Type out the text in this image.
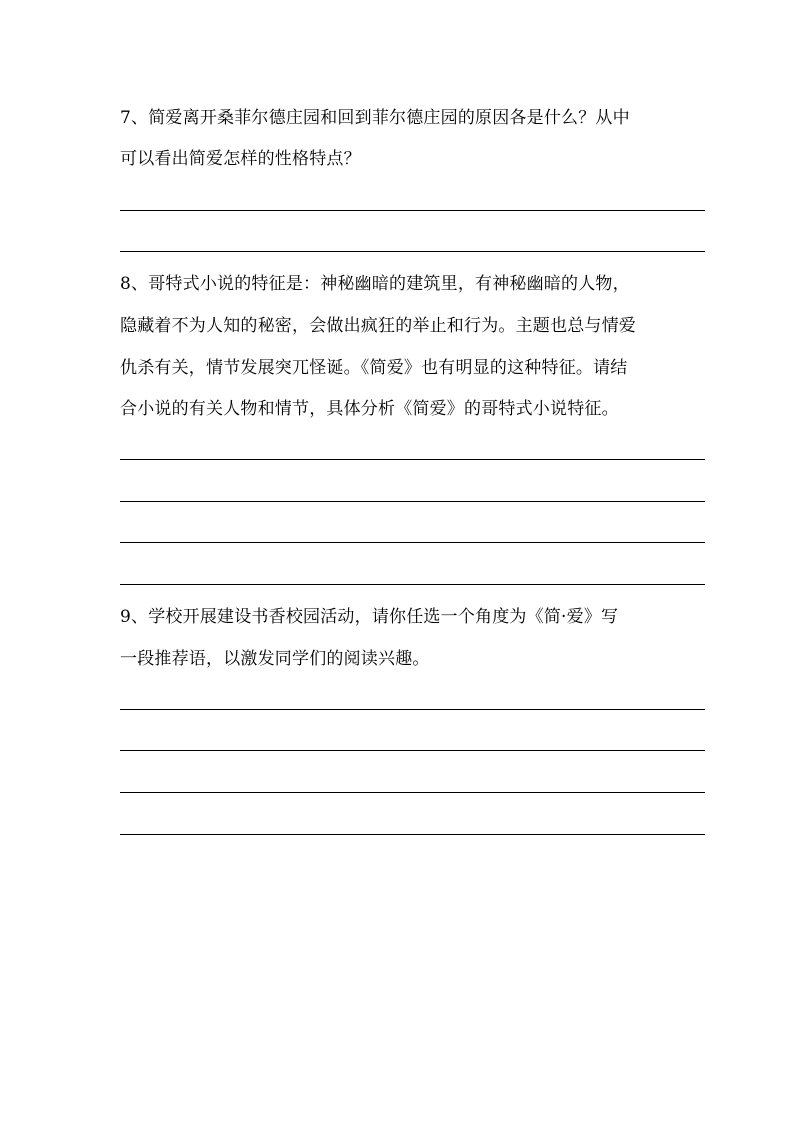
7、简爱离开桑菲尔德庄园和回到菲尔德庄园的原因各是什么？从中
可以看出简爱怎样的性格特点？
8、哥特式小说的特征是：神秘幽暗的建筑里，有神秘幽暗的人物，
隐藏着不为人知的秘密，会做出疯狂的举止和行为。主题也总与情爱
仇杀有关，情节发展突兀怪诞。《简爱》也有明显的这种特征。请结
合小说的有关人物和情节，具体分析《简爱》的哥特式小说特征。
9、学校开展建设书香校园活动，请你任选一个角度为《简·爱》写
一段推荐语，以激发同学们的阅读兴趣。
